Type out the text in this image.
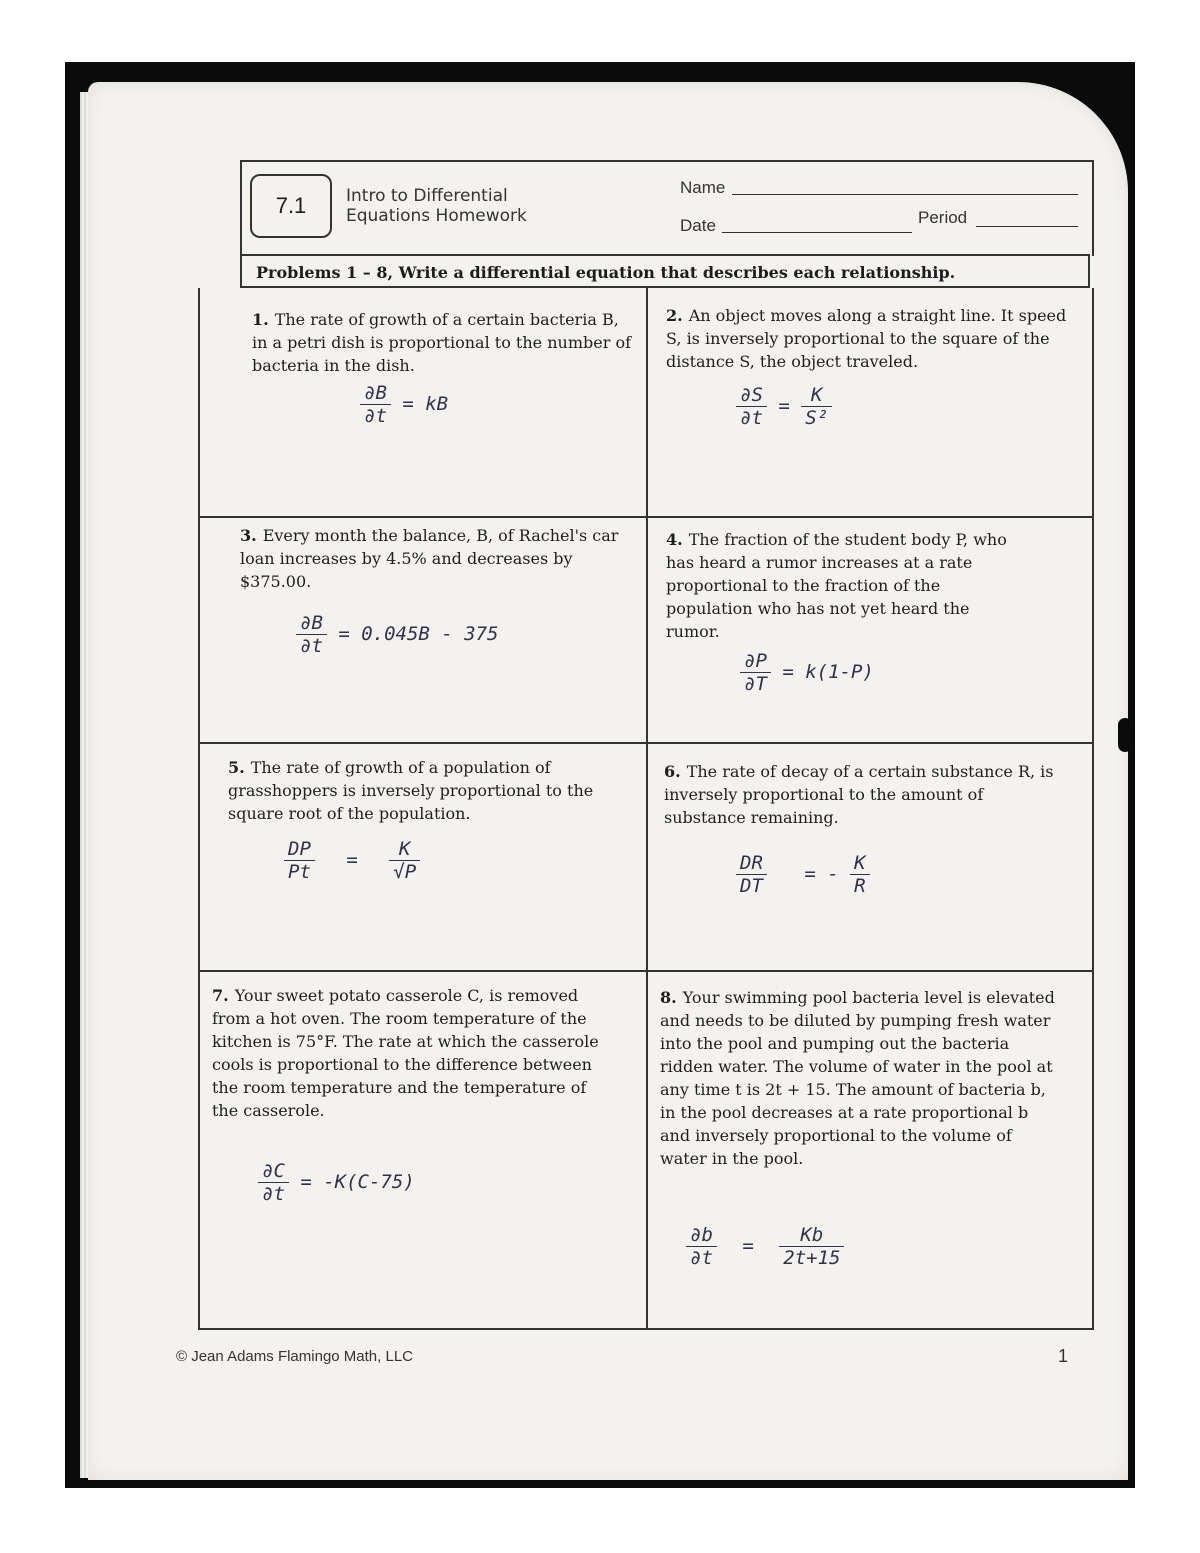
7.1 Intro to Differential
Equations Homework
Name
Date	Period
Problems 1 – 8, Write a differential equation that describes each relationship.
1. The rate of growth of a certain bacteria B, in a petri dish is proportional to the number of bacteria in the dish.
$\frac{\partial B}{\partial t}$ = kB
2. An object moves along a straight line. It speed S, is inversely proportional to the square of the distance S, the object traveled.
$\frac{\partial S}{\partial t} = \frac{K}{\text{S²}}$
3. Every month the balance, B, of Rachel's car loan increases by 4.5% and decreases by $375.00.
$\frac{\partial B}{\partial t} = 0.045B - 375$
4. The fraction of the student body P, who has heard a rumor increases at a rate proportional to the fraction of the population who has not yet heard the rumor.
$\frac{\partial P}{\partial T} = k(1-P)$
5. The rate of growth of a population of grasshoppers is inversely proportional to the square root of the population.
$\frac{DP}{Pt} = \frac{K}{√P}$
6. The rate of decay of a certain substance R, is inversely proportional to the amount of substance remaining.
$\frac{DR}{DT}$ = - $\frac{K}{R}$
7. Your sweet potato casserole C, is removed from a hot oven. The room temperature of the kitchen is 75°F. The rate at which the casserole cools is proportional to the difference between the room temperature and the temperature of the casserole.
$\frac{\partial C}{\partial t} = -K(C-75)$
8. Your swimming pool bacteria level is elevated and needs to be diluted by pumping fresh water into the pool and pumping out the bacteria ridden water. The volume of water in the pool at any time t is 2t + 15. The amount of bacteria b, in the pool decreases at a rate proportional b and inversely proportional to the volume of water in the pool.
$\frac{\partial b}{\partial t} = \frac{Kb}{2t+15}$
© Jean Adams Flamingo Math, LLC	1
